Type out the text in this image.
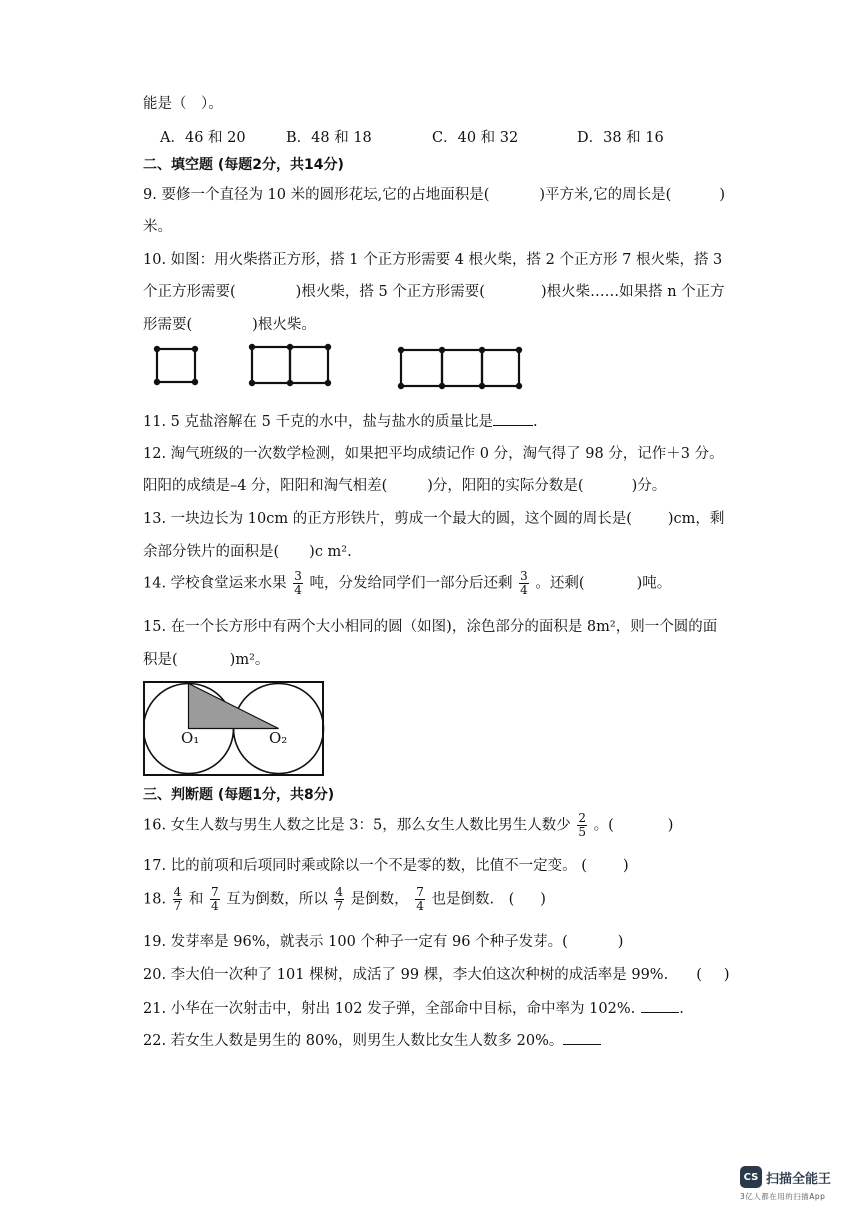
能是（　）。
A．46 和 20	B．48 和 18	C．40 和 32	D．38 和 16
二、填空题 (每题2分，共14分)
9. 要修一个直径为 10 米的圆形花坛,它的占地面积是(	)平方米,它的周长是(	)
米。
10. 如图：用火柴搭正方形，搭 1 个正方形需要 4 根火柴，搭 2 个正方形 7 根火柴，搭 3
个正方形需要(	)根火柴，搭 5 个正方形需要(	)根火柴……如果搭 n 个正方
形需要(	)根火柴。
11. 5 克盐溶解在 5 千克的水中，盐与盐水的质量比是	.
12. 淘气班级的一次数学检测，如果把平均成绩记作 0 分，淘气得了 98 分，记作＋3 分。
阳阳的成绩是–4 分，阳阳和淘气相差(	)分，阳阳的实际分数是(	)分。
13. 一块边长为 10cm 的正方形铁片，剪成一个最大的圆，这个圆的周长是( )cm，剩
余部分铁片的面积是( )c m².
14. 学校食堂运来水果 $\frac{3}{4}$ 吨，分发给同学们一部分后还剩 $\frac{3}{4}$ 。还剩(	)吨。
15. 在一个长方形中有两个大小相同的圆（如图)，涂色部分的面积是 8m²，则一个圆的面
积是(	)m²。
O₁	O₂
三、判断题 (每题1分，共8分)
16. 女生人数与男生人数之比是 3：5，那么女生人数比男生人数少 $\frac{2}{5}$ 。(	)
17. 比的前项和后项同时乘或除以一个不是零的数，比值不一定变。 ( )
18. $\frac{4}{7}$ 和 $\frac{7}{4}$ 互为倒数，所以 $\frac{4}{7}$ 是倒数， $\frac{7}{4}$ 也是倒数.　( )
19. 发芽率是 96%，就表示 100 个种子一定有 96 个种子发芽。(	)
20. 李大伯一次种了 101 棵树，成活了 99 棵，李大伯这次种树的成活率是 99%. ( )
21. 小华在一次射击中，射出 102 发子弹，全部命中目标，命中率为 102%.	.
22. 若女生人数是男生的 80%，则男生人数比女生人数多 20%。
CS 扫描全能王
3亿人都在用的扫描App
